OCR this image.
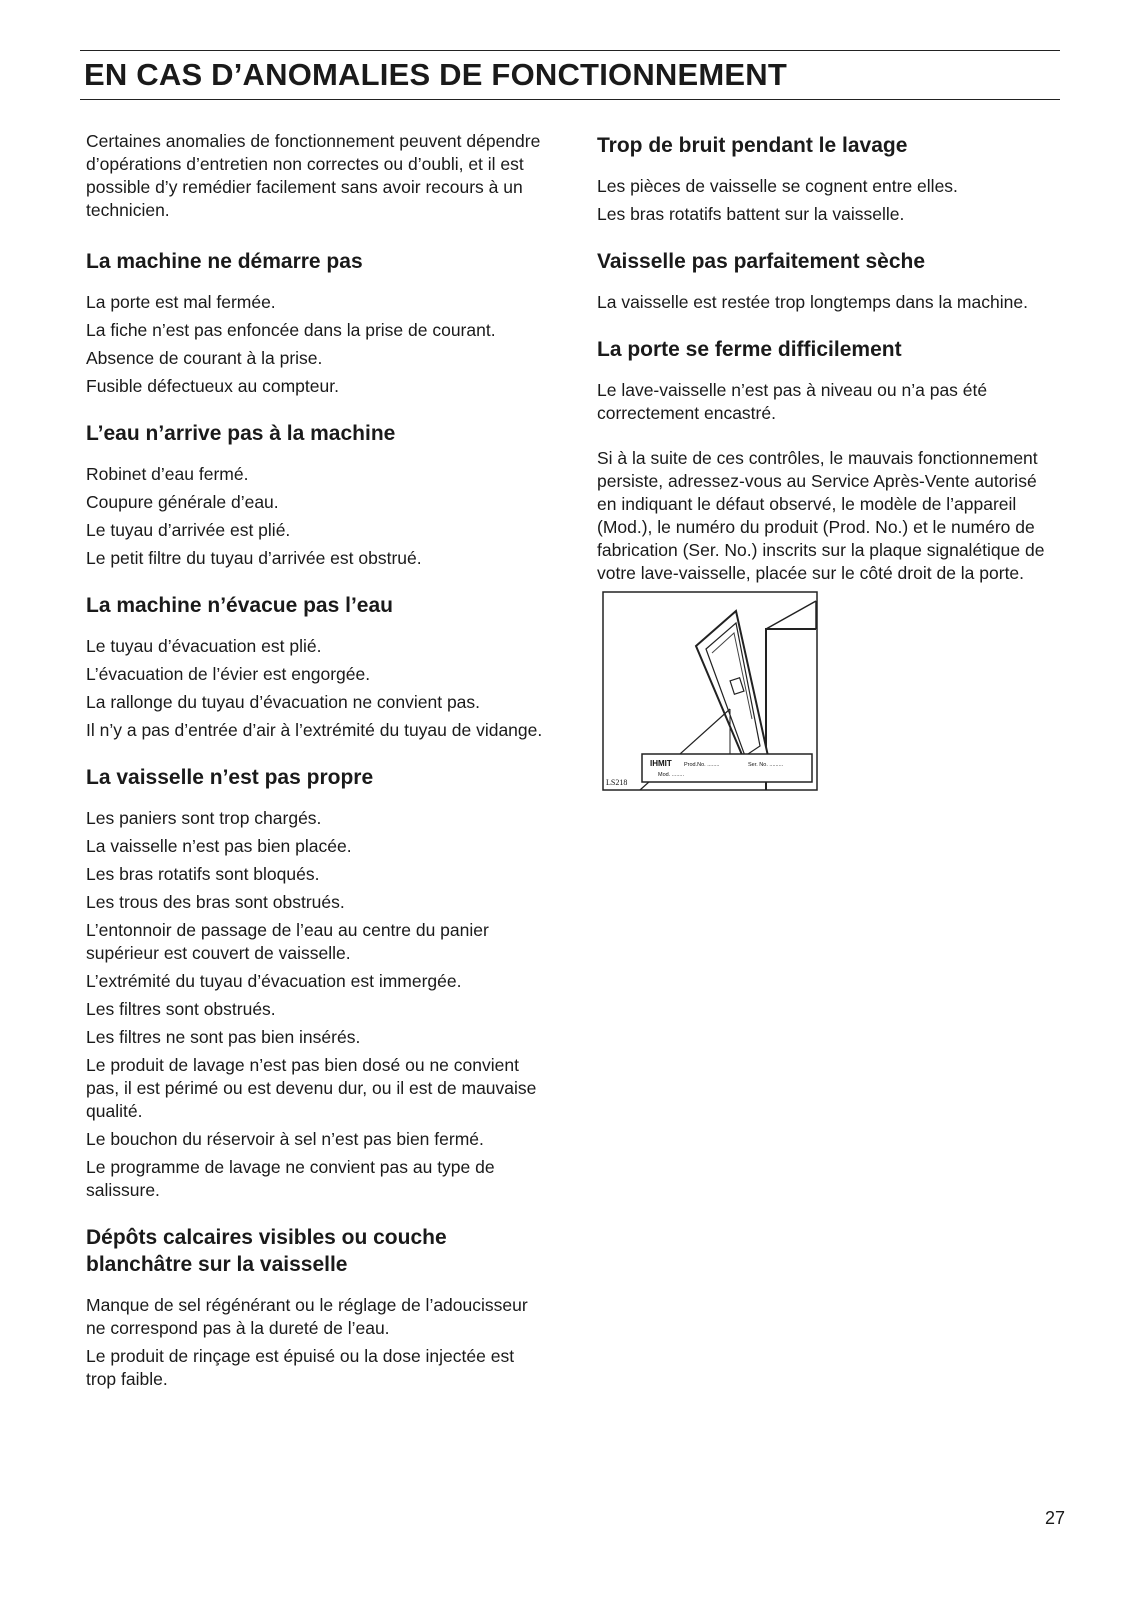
EN CAS D’ANOMALIES DE FONCTIONNEMENT

Certaines anomalies de fonctionnement peuvent dépendre d’opérations d’entretien non correctes ou d’oubli, et il est possible d’y remédier facilement sans avoir recours à un technicien.

La machine ne démarre pas

La porte est mal fermée.

La fiche n’est pas enfoncée dans la prise de courant.

Absence de courant à la prise.

Fusible défectueux au compteur.

L’eau n’arrive pas à la machine

Robinet d’eau fermé.

Coupure générale d’eau.

Le tuyau d’arrivée est plié.

Le petit filtre du tuyau d’arrivée est obstrué.

La machine n’évacue pas l’eau

Le tuyau d’évacuation est plié.

L’évacuation de l’évier est engorgée.

La rallonge du tuyau d’évacuation ne convient pas.

Il n’y a pas d’entrée d’air à l’extrémité du tuyau de vidange.

La vaisselle n’est pas propre

Les paniers sont trop chargés.

La vaisselle n’est pas bien placée.

Les bras rotatifs sont bloqués.

Les trous des bras sont obstrués.

L’entonnoir de passage de l’eau au centre du panier supérieur est couvert de vaisselle.

L’extrémité du tuyau d’évacuation est immergée.

Les filtres sont obstrués.

Les filtres ne sont pas bien insérés.

Le produit de lavage n’est pas bien dosé ou ne convient pas, il est périmé ou est devenu dur, ou il est de mauvaise qualité.

Le bouchon du réservoir à sel n’est pas bien fermé.

Le programme de lavage ne convient pas au type de salissure.

Dépôts calcaires visibles ou couche blanchâtre sur la vaisselle

Manque de sel régénérant ou le réglage de l’adoucisseur ne correspond pas à la dureté de l’eau.

Le produit de rinçage est épuisé ou la dose injectée est trop faible.

Trop de bruit pendant le lavage

Les pièces de vaisselle se cognent entre elles.

Les bras rotatifs battent sur la vaisselle.

Vaisselle pas parfaitement sèche

La vaisselle est restée trop longtemps dans la machine.

La porte se ferme difficilement

Le lave-vaisselle n’est pas à niveau ou n’a pas été correctement encastré.

Si à la suite de ces contrôles, le mauvais fonctionnement persiste, adressez-vous au Service Après-Vente autorisé en indiquant le défaut observé, le modèle de l’appareil (Mod.), le numéro du produit (Prod. No.) et le numéro de fabrication (Ser. No.) inscrits sur la plaque signalétique de votre lave-vaisselle, placée sur le côté droit de la porte.

IHMIT Prod.No. ........	Ser. No. .........
Mod. ........
LS218
27
